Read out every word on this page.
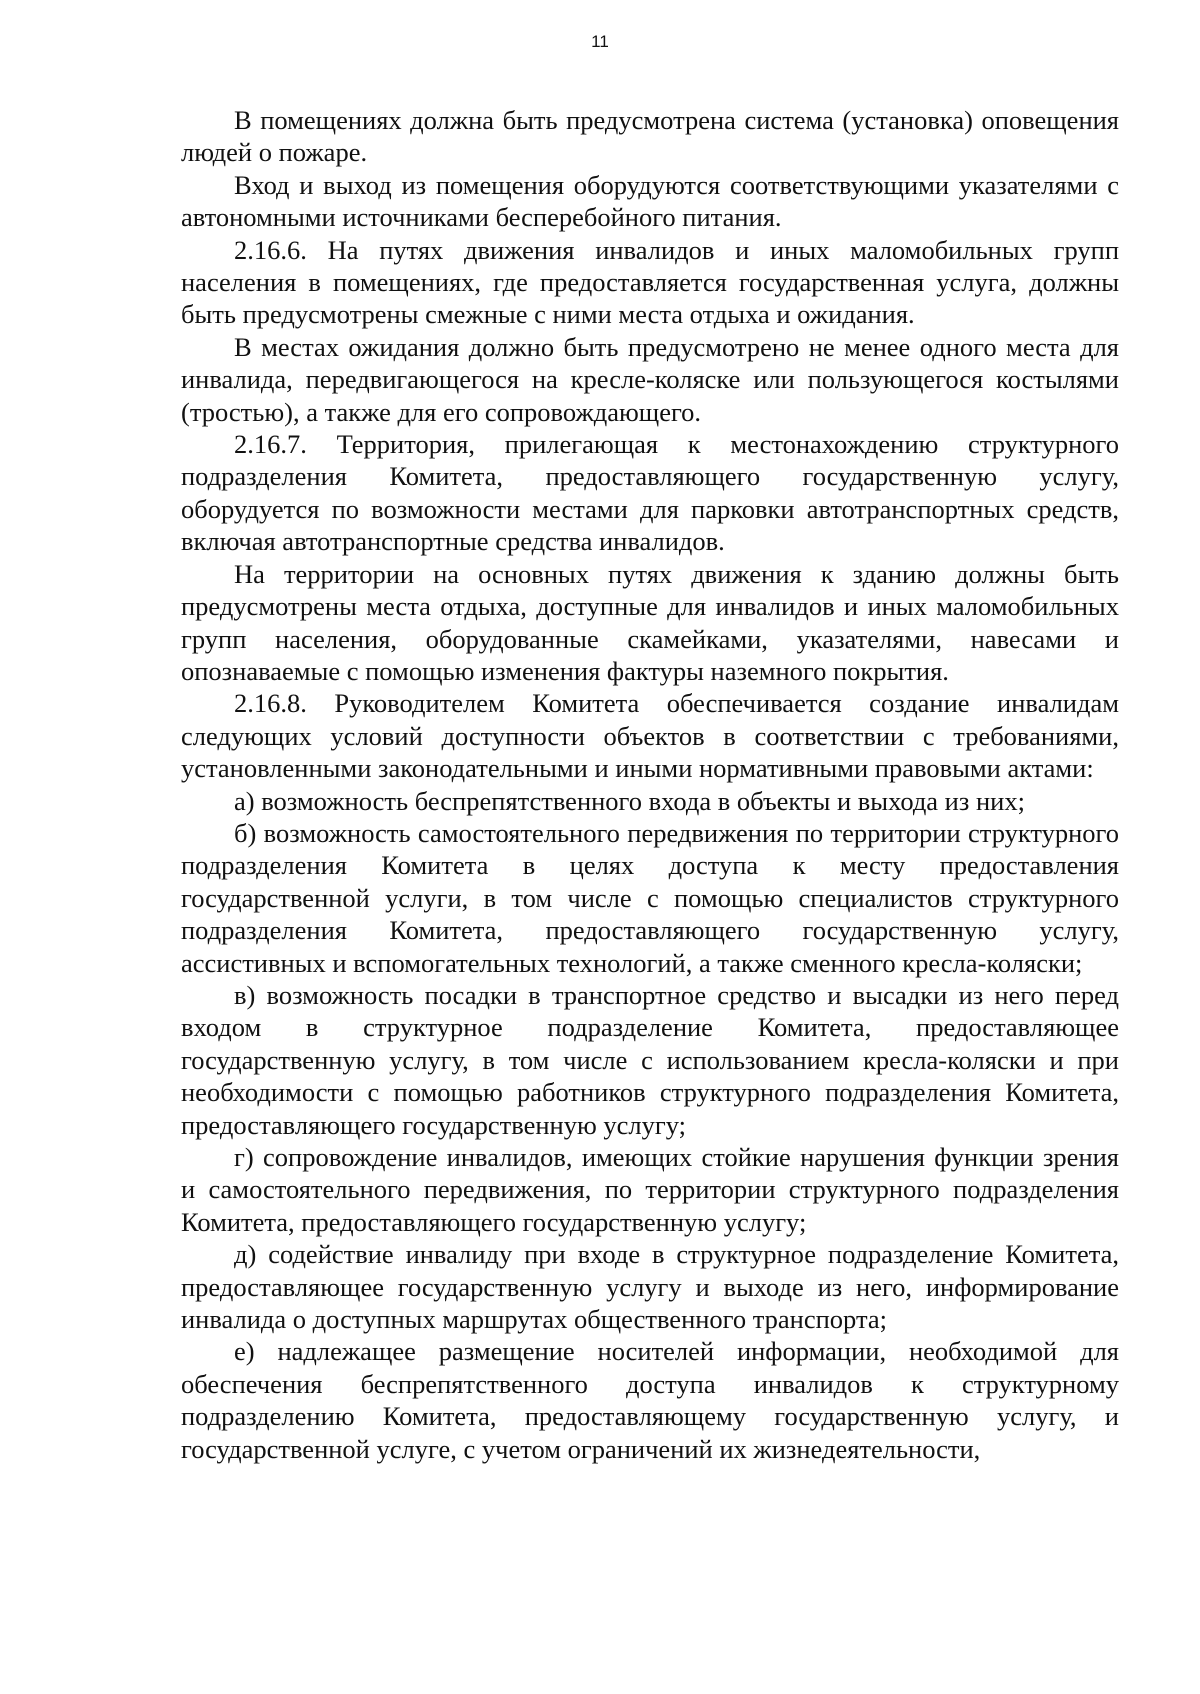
11

В помещениях должна быть предусмотрена система (установка) оповещения людей о пожаре.

Вход и выход из помещения оборудуются соответствующими указателями с автономными источниками бесперебойного питания.

2.16.6. На путях движения инвалидов и иных маломобильных групп населения в помещениях, где предоставляется государственная услуга, должны быть предусмотрены смежные с ними места отдыха и ожидания.

В местах ожидания должно быть предусмотрено не менее одного места для инвалида, передвигающегося на кресле-коляске или пользующегося костылями (тростью), а также для его сопровождающего.

2.16.7. Территория, прилегающая к местонахождению структурного подразделения Комитета, предоставляющего государственную услугу, оборудуется по возможности местами для парковки автотранспортных средств, включая автотранспортные средства инвалидов.

На территории на основных путях движения к зданию должны быть предусмотрены места отдыха, доступные для инвалидов и иных маломобильных групп населения, оборудованные скамейками, указателями, навесами и опознаваемые с помощью изменения фактуры наземного покрытия.

2.16.8. Руководителем Комитета обеспечивается создание инвалидам следующих условий доступности объектов в соответствии с требованиями, установленными законодательными и иными нормативными правовыми актами:

а) возможность беспрепятственного входа в объекты и выхода из них;

б) возможность самостоятельного передвижения по территории структурного подразделения Комитета в целях доступа к месту предоставления государственной услуги, в том числе с помощью специалистов структурного подразделения Комитета, предоставляющего государственную услугу, ассистивных и вспомогательных технологий, а также сменного кресла-коляски;

в) возможность посадки в транспортное средство и высадки из него перед входом в структурное подразделение Комитета, предоставляющее государственную услугу, в том числе с использованием кресла-коляски и при необходимости с помощью работников структурного подразделения Комитета, предоставляющего государственную услугу;

г) сопровождение инвалидов, имеющих стойкие нарушения функции зрения и самостоятельного передвижения, по территории структурного подразделения Комитета, предоставляющего государственную услугу;

д) содействие инвалиду при входе в структурное подразделение Комитета, предоставляющее государственную услугу и выходе из него, информирование инвалида о доступных маршрутах общественного транспорта;

е) надлежащее размещение носителей информации, необходимой для обеспечения беспрепятственного доступа инвалидов к структурному подразделению Комитета, предоставляющему государственную услугу, и государственной услуге, с учетом ограничений их жизнедеятельности,
